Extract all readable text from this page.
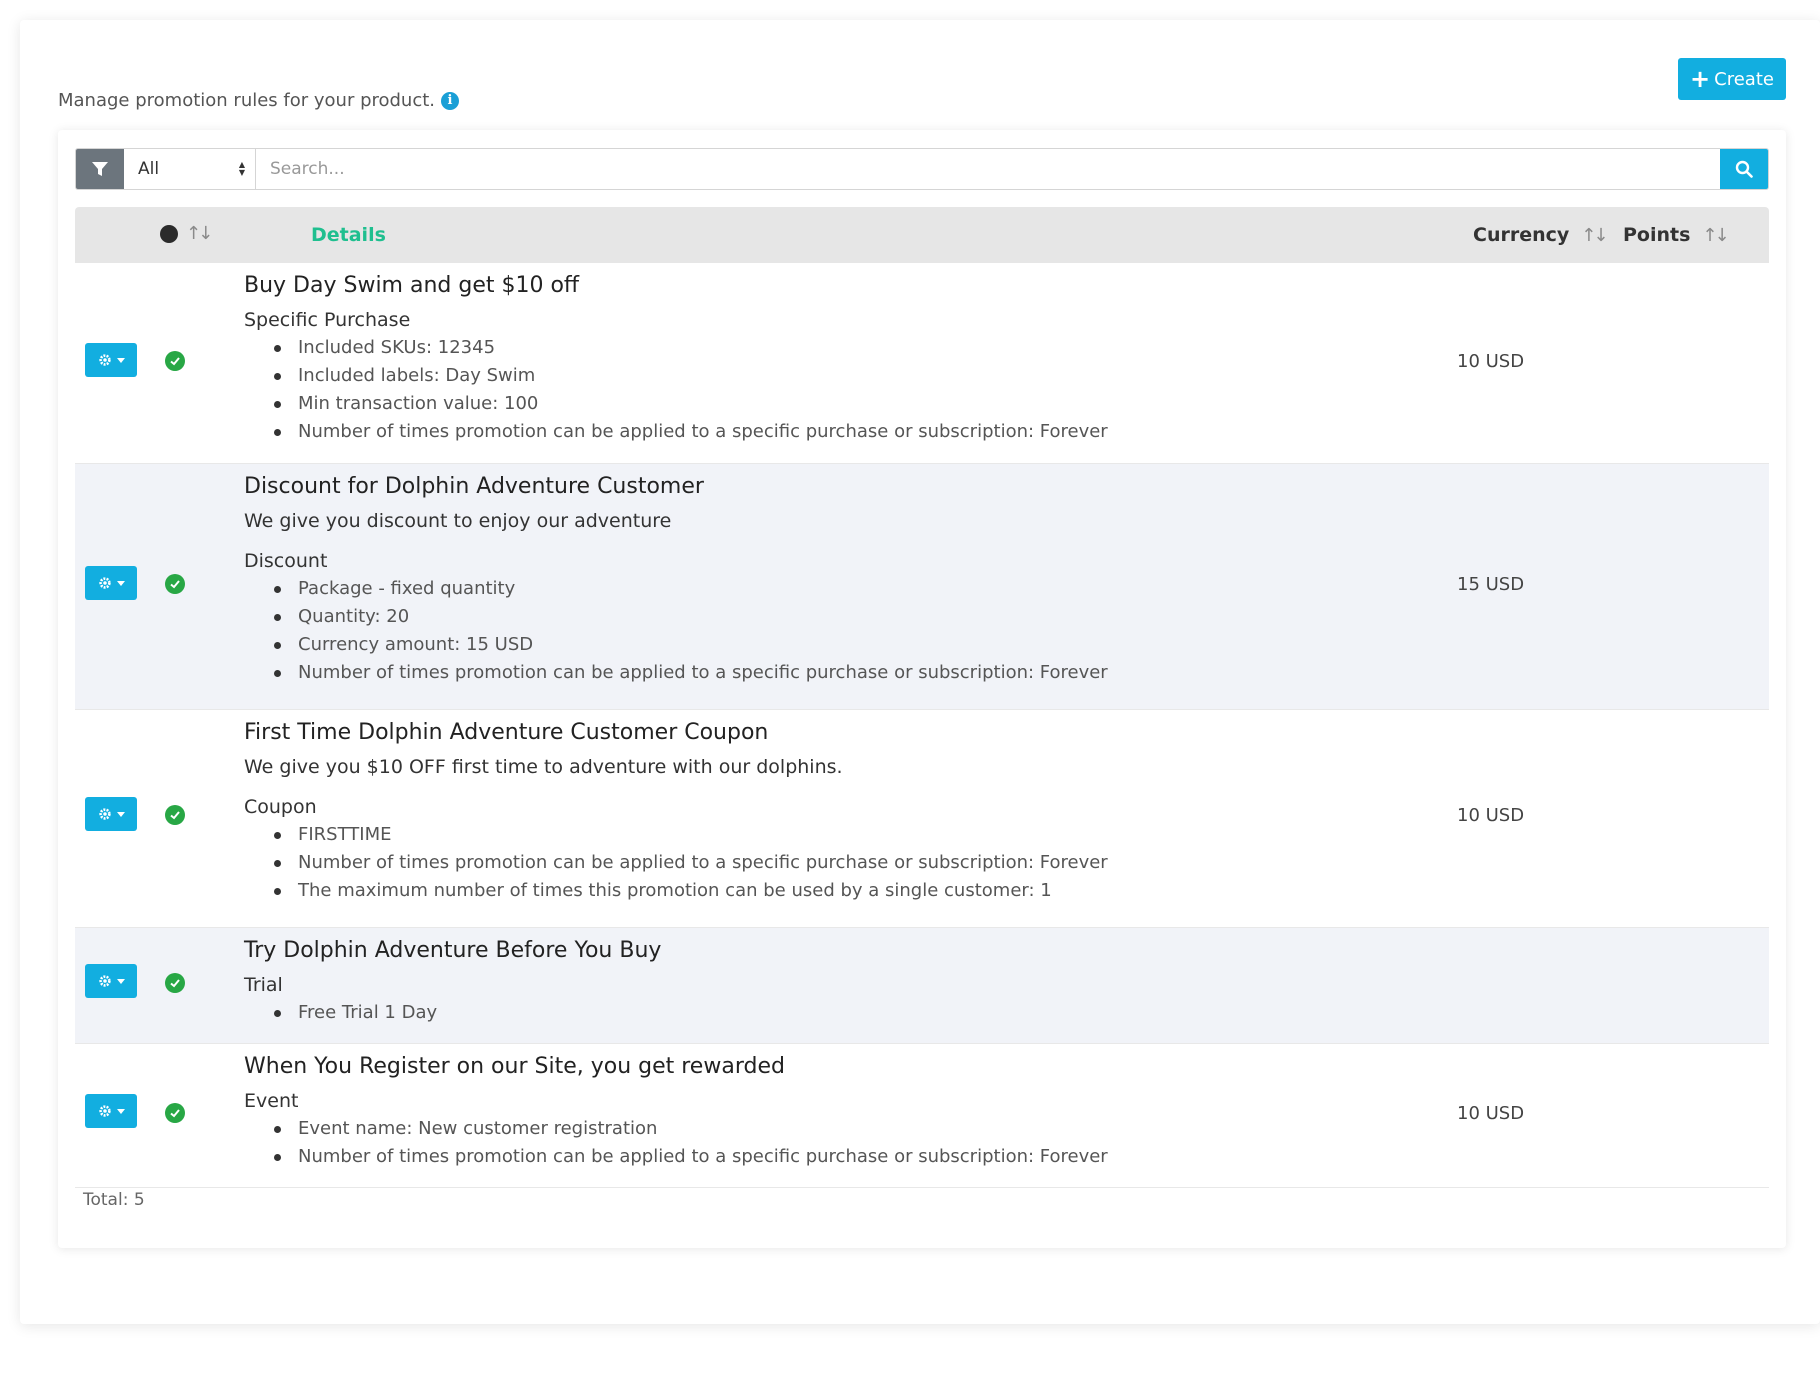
Manage promotion rules for your product. i
+ Create
All	▲
▼
Search...
↑↓	Details	Currency ↑↓ Points ↑↓
Buy Day Swim and get $10 off
Specific Purchase
Included SKUs: 12345
Included labels: Day Swim
Min transaction value: 100
Number of times promotion can be applied to a specific purchase or subscription: Forever
10 USD
Discount for Dolphin Adventure Customer
We give you discount to enjoy our adventure
Discount
Package - fixed quantity
Quantity: 20
Currency amount: 15 USD
Number of times promotion can be applied to a specific purchase or subscription: Forever
15 USD
First Time Dolphin Adventure Customer Coupon
We give you $10 OFF first time to adventure with our dolphins.
Coupon
FIRSTTIME
Number of times promotion can be applied to a specific purchase or subscription: Forever
The maximum number of times this promotion can be used by a single customer: 1
10 USD
Try Dolphin Adventure Before You Buy
Trial
Free Trial 1 Day
When You Register on our Site, you get rewarded
Event
Event name: New customer registration
Number of times promotion can be applied to a specific purchase or subscription: Forever
10 USD
Total: 5
